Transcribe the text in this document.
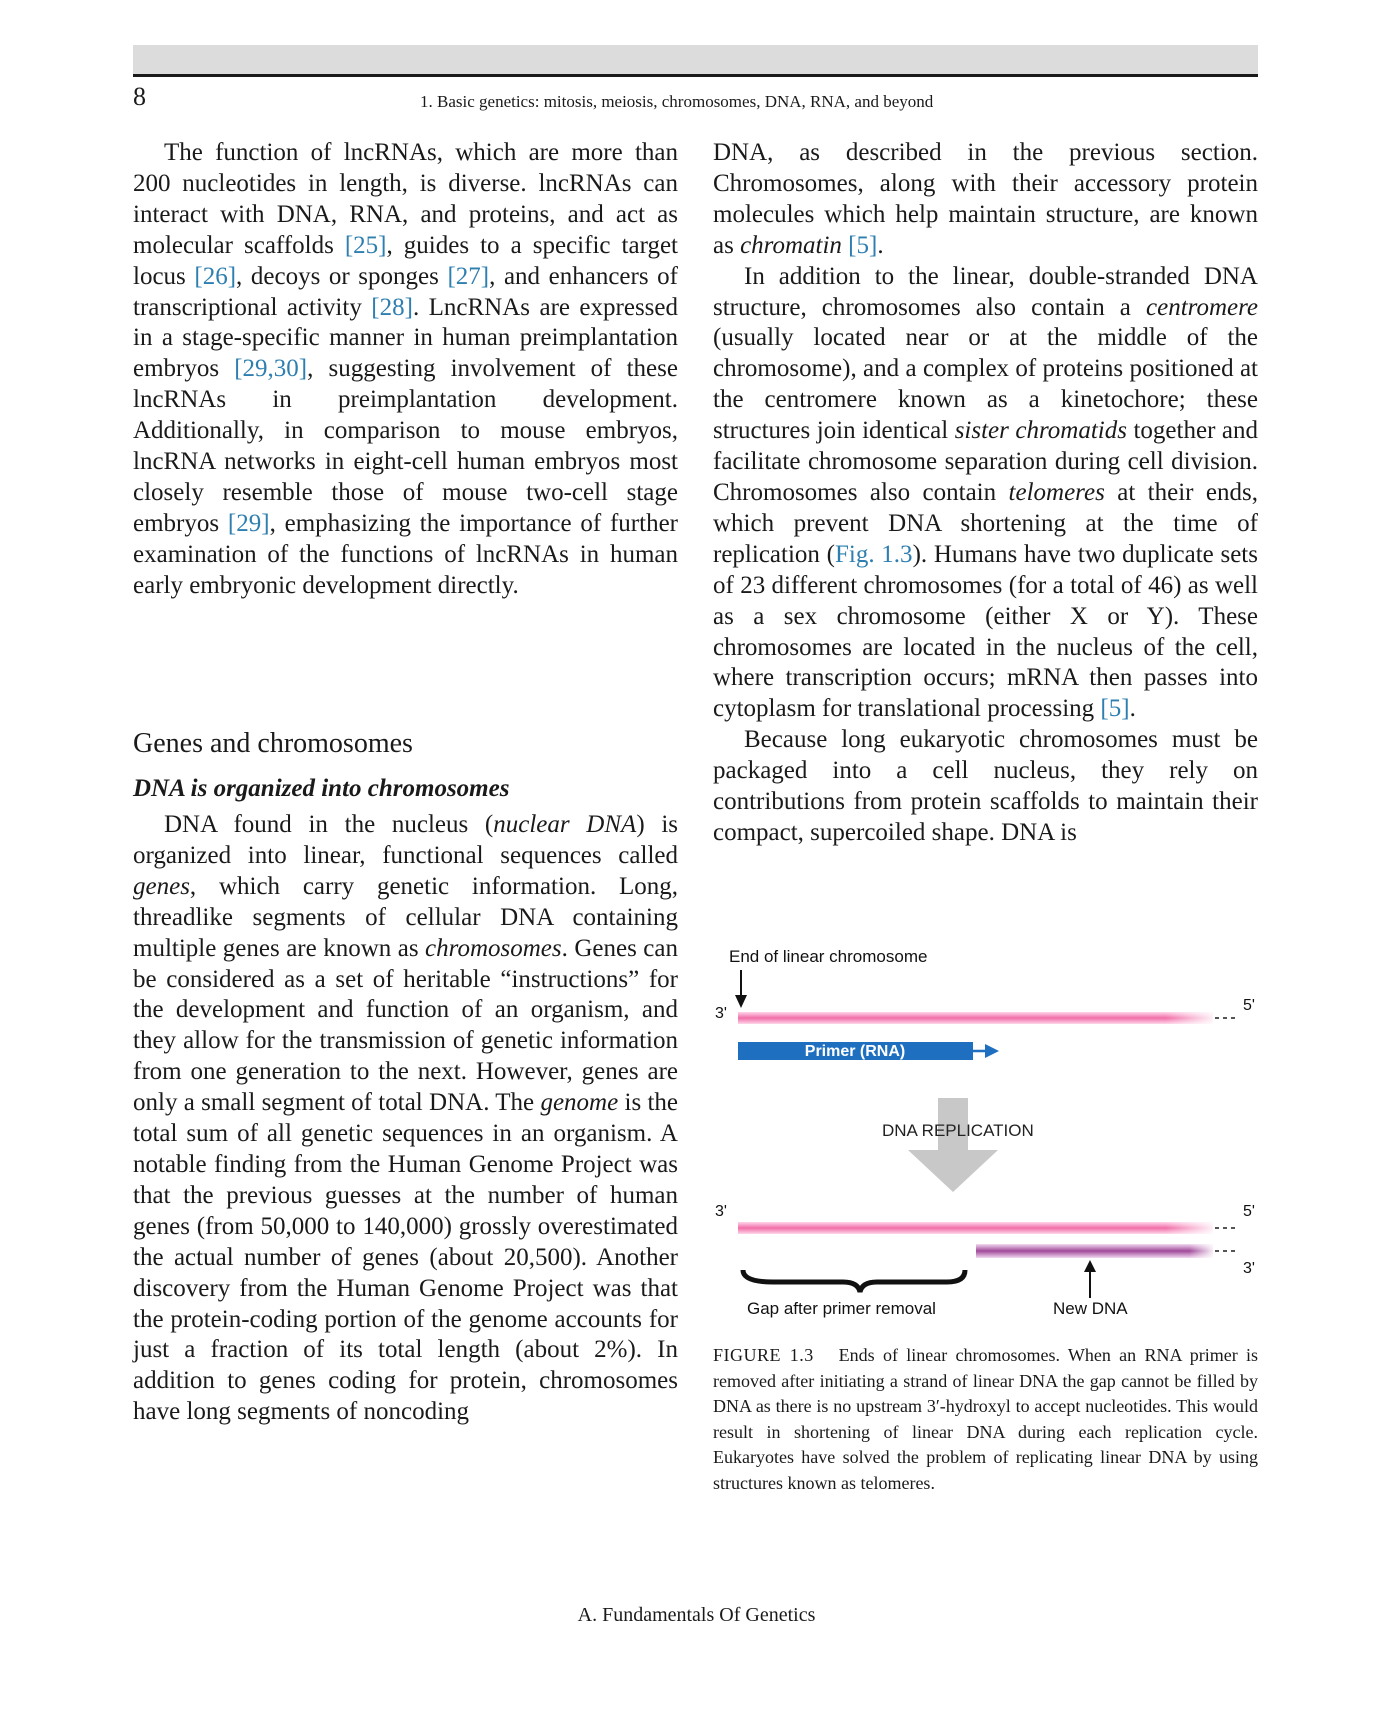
8	1. Basic genetics: mitosis, meiosis, chromosomes, DNA, RNA, and beyond

The function of lncRNAs, which are more than 200 nucleotides in length, is diverse. lncRNAs can interact with DNA, RNA, and proteins, and act as molecular scaffolds [25], guides to a specific target locus [26], decoys or sponges [27], and enhancers of transcriptional activity [28]. LncRNAs are expressed in a stage-specific manner in human preimplantation embryos [29,30], suggesting involvement of these lncRNAs in preimplantation development. Additionally, in comparison to mouse embryos, lncRNA networks in eight-cell human embryos most closely resemble those of mouse two-cell stage embryos [29], emphasizing the importance of further examination of the functions of lncRNAs in human early embryonic development directly.

Genes and chromosomes
DNA is organized into chromosomes

DNA found in the nucleus (nuclear DNA) is organized into linear, functional sequences called genes, which carry genetic information. Long, threadlike segments of cellular DNA containing multiple genes are known as chromosomes. Genes can be considered as a set of heritable “instructions” for the development and function of an organism, and they allow for the transmission of genetic information from one generation to the next. However, genes are only a small segment of total DNA. The genome is the total sum of all genetic sequences in an organism. A notable finding from the Human Genome Project was that the previous guesses at the number of human genes (from 50,000 to 140,000) grossly overestimated the actual number of genes (about 20,500). Another discovery from the Human Genome Project was that the protein-coding portion of the genome accounts for just a fraction of its total length (about 2%). In addition to genes coding for protein, chromosomes have long segments of noncoding

DNA, as described in the previous section. Chromosomes, along with their accessory protein molecules which help maintain structure, are known as chromatin [5].

In addition to the linear, double-stranded DNA structure, chromosomes also contain a centromere (usually located near or at the middle of the chromosome), and a complex of proteins positioned at the centromere known as a kinetochore; these structures join identical sister chromatids together and facilitate chromosome separation during cell division. Chromosomes also contain telomeres at their ends, which prevent DNA shortening at the time of replication (Fig. 1.3). Humans have two duplicate sets of 23 different chromosomes (for a total of 46) as well as a sex chromosome (either X or Y). These chromosomes are located in the nucleus of the cell, where transcription occurs; mRNA then passes into cytoplasm for translational processing [5].

Because long eukaryotic chromosomes must be packaged into a cell nucleus, they rely on contributions from protein scaffolds to maintain their compact, supercoiled shape. DNA is

End of linear chromosome
3'	5'
Primer (RNA)
DNA REPLICATION
3'	5'
3'
Gap after primer removal	New DNA
FIGURE 1.3 Ends of linear chromosomes. When an RNA primer is removed after initiating a strand of linear DNA the gap cannot be filled by DNA as there is no upstream 3′-hydroxyl to accept nucleotides. This would result in shortening of linear DNA during each replication cycle. Eukaryotes have solved the problem of replicating linear DNA by using structures known as telomeres.
A. Fundamentals Of Genetics
